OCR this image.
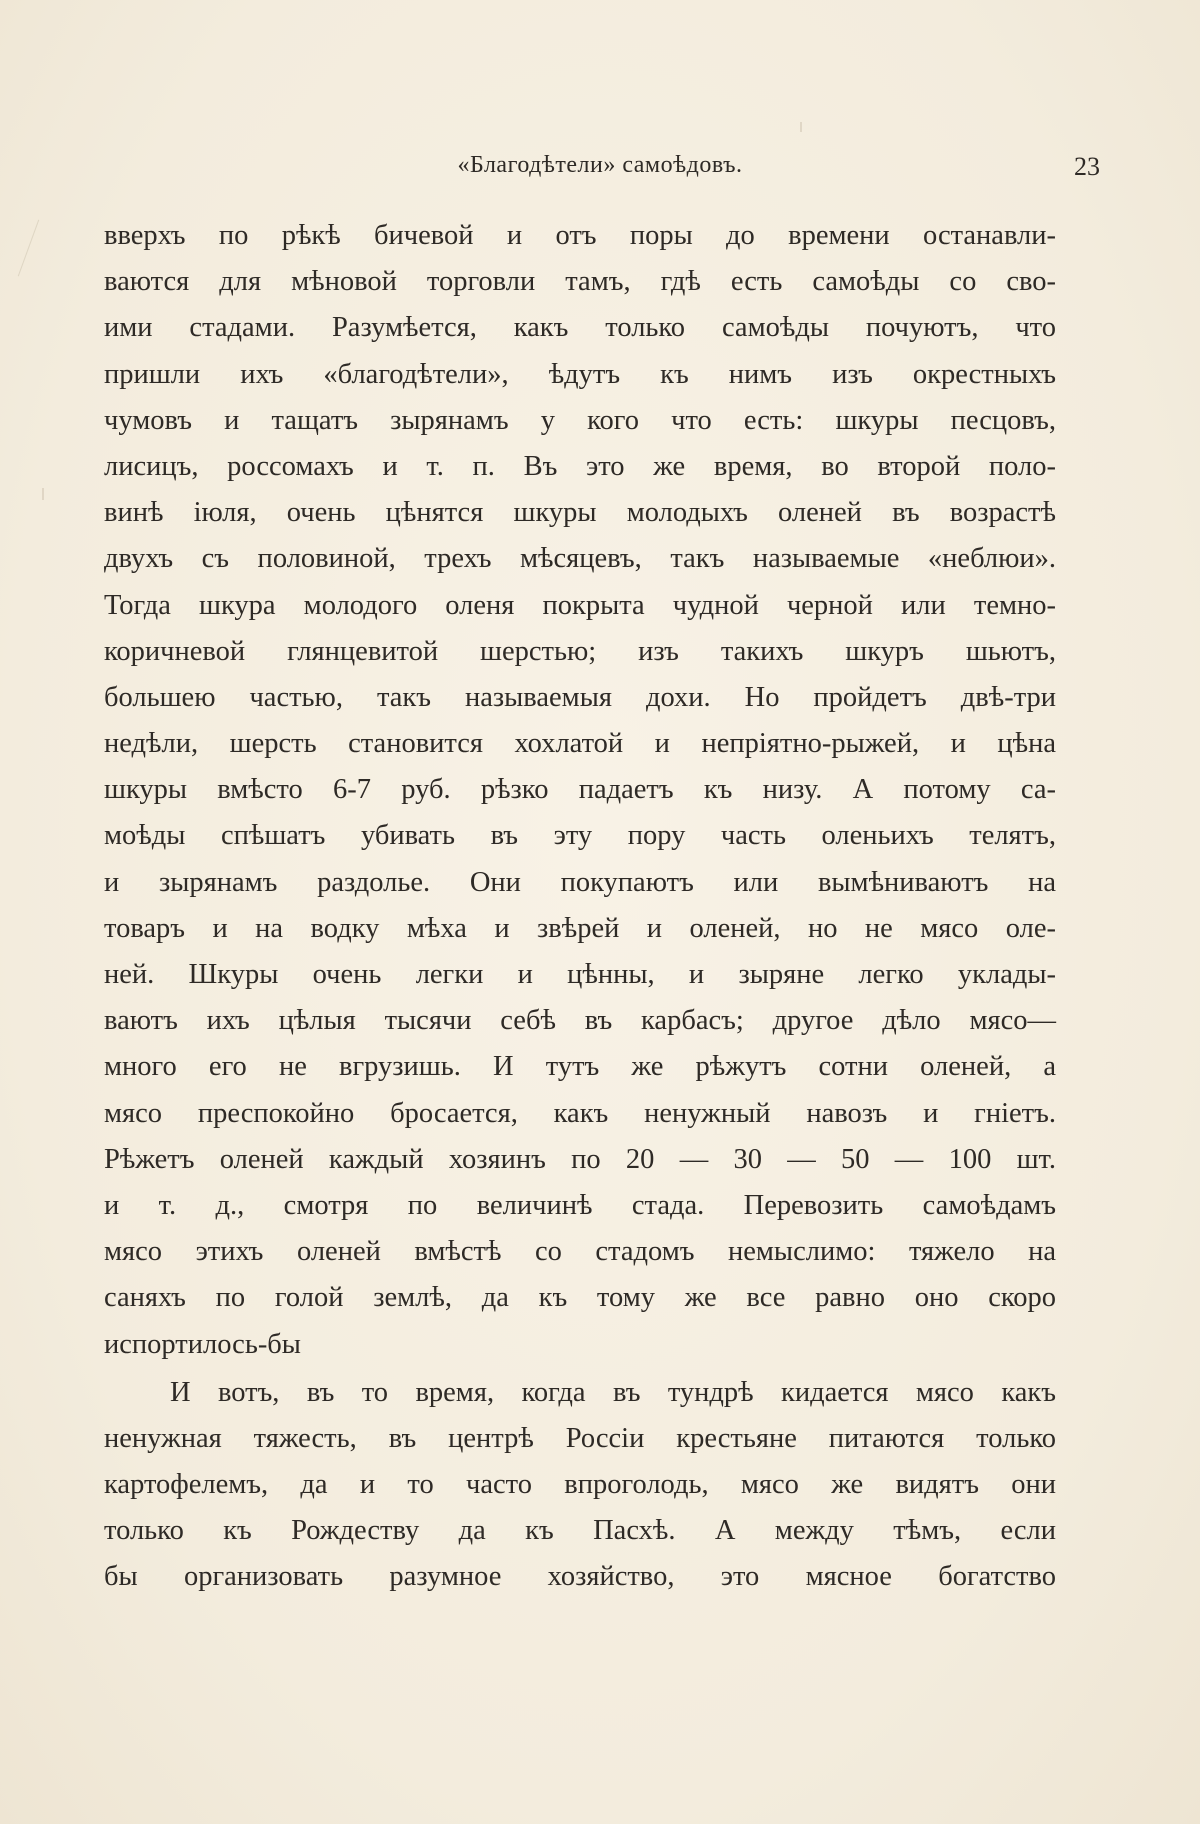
«Благодѣтели» самоѣдовъ.	23
вверхъ по рѣкѣ бичевой и отъ поры до времени останавли-
ваются для мѣновой торговли тамъ, гдѣ есть самоѣды со сво-
ими стадами. Разумѣется, какъ только самоѣды почуютъ, что
пришли ихъ «благодѣтели», ѣдутъ къ нимъ изъ окрестныхъ
чумовъ и тащатъ зырянамъ у кого что есть: шкуры песцовъ,
лисицъ, россомахъ и т. п. Въ это же время, во второй поло-
винѣ іюля, очень цѣнятся шкуры молодыхъ оленей въ возрастѣ
двухъ съ половиной, трехъ мѣсяцевъ, такъ называемые «неблюи».
Тогда шкура молодого оленя покрыта чудной черной или темно-
коричневой глянцевитой шерстью; изъ такихъ шкуръ шьютъ,
большею частью, такъ называемыя дохи. Но пройдетъ двѣ-три
недѣли, шерсть становится хохлатой и непріятно-рыжей, и цѣна
шкуры вмѣсто 6-7 руб. рѣзко падаетъ къ низу. А потому са-
моѣды спѣшатъ убивать въ эту пору часть оленьихъ телятъ,
и зырянамъ раздолье. Они покупаютъ или вымѣниваютъ на
товаръ и на водку мѣха и звѣрей и оленей, но не мясо оле-
ней. Шкуры очень легки и цѣнны, и зыряне легко уклады-
ваютъ ихъ цѣлыя тысячи себѣ въ карбасъ; другое дѣло мясо—
много его не вгрузишь. И тутъ же рѣжутъ сотни оленей, а
мясо преспокойно бросается, какъ ненужный навозъ и гніетъ.
Рѣжетъ оленей каждый хозяинъ по 20 — 30 — 50 — 100 шт.
и т. д., смотря по величинѣ стада. Перевозить самоѣдамъ
мясо этихъ оленей вмѣстѣ со стадомъ немыслимо: тяжело на
саняхъ по голой землѣ, да къ тому же все равно оно скоро
испортилось-бы
И вотъ, въ то время, когда въ тундрѣ кидается мясо какъ
ненужная тяжесть, въ центрѣ Россіи крестьяне питаются только
картофелемъ, да и то часто впроголодь, мясо же видятъ они
только къ Рождеству да къ Пасхѣ. А между тѣмъ, если
бы организовать разумное хозяйство, это мясное богатство
